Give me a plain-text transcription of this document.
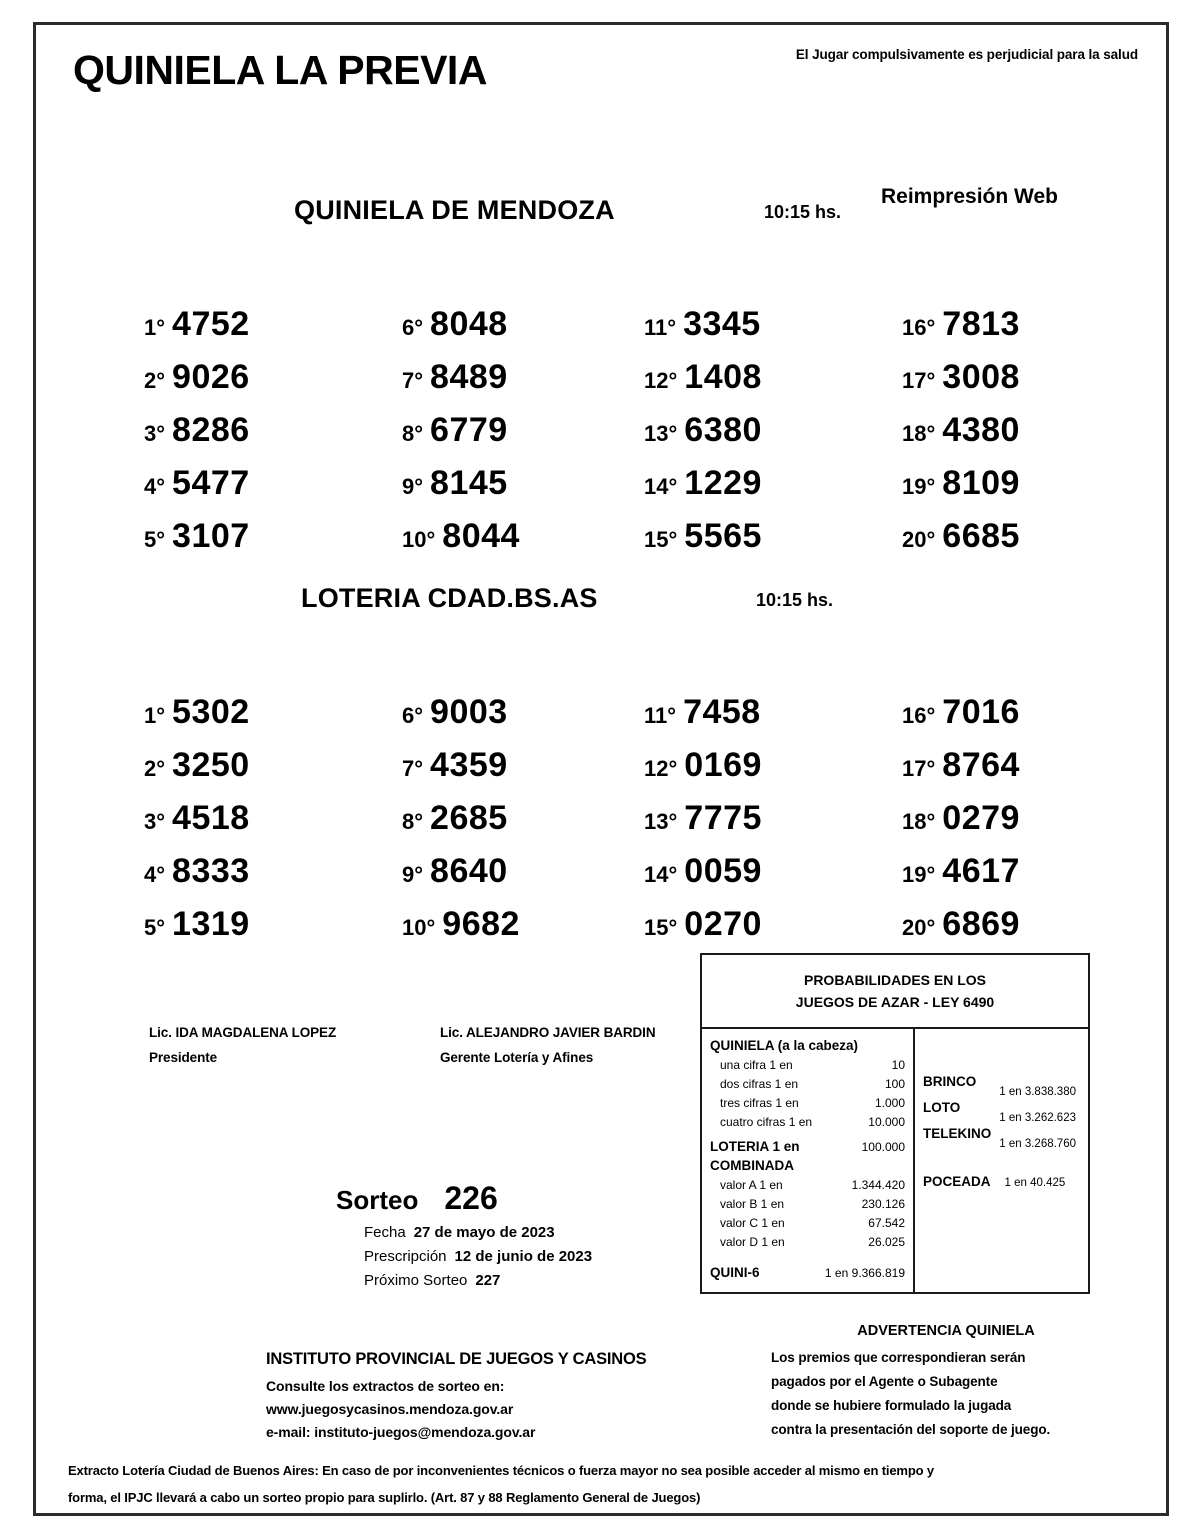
QUINIELA LA PREVIA	El Jugar compulsivamente es perjudicial para la salud
Reimpresión Web
QUINIELA DE MENDOZA	10:15 hs.
1° 4752
2° 9026
3° 8286
4° 5477
5° 3107
6° 8048
7° 8489
8° 6779
9° 8145
10° 8044
11° 3345
12° 1408
13° 6380
14° 1229
15° 5565
16° 7813
17° 3008
18° 4380
19° 8109
20° 6685
LOTERIA CDAD.BS.AS	10:15 hs.
1° 5302
2° 3250
3° 4518
4° 8333
5° 1319
6° 9003
7° 4359
8° 2685
9° 8640
10° 9682
11° 7458
12° 0169
13° 7775
14° 0059
15° 0270
16° 7016
17° 8764
18° 0279
19° 4617
20° 6869
Lic. IDA MAGDALENA LOPEZ
Presidente
Lic. ALEJANDRO JAVIER BARDIN
Gerente Lotería y Afines
Sorteo 226
Fecha 27 de mayo de 2023
Prescripción 12 de junio de 2023
Próximo Sorteo 227
PROBABILIDADES EN LOS
JUEGOS DE AZAR - LEY 6490
QUINIELA (a la cabeza)
una cifra 1 en	10
dos cifras 1 en	100
tres cifras 1 en	1.000
cuatro cifras 1 en	10.000
LOTERIA 1 en	100.000
COMBINADA
valor A 1 en	1.344.420
valor B 1 en	230.126
valor C 1 en	67.542
valor D 1 en	26.025
QUINI-6	1 en 9.366.819
BRINCO
1 en 3.838.380
LOTO
1 en 3.262.623
TELEKINO
1 en 3.268.760
POCEADA 1 en 40.425
INSTITUTO PROVINCIAL DE JUEGOS Y CASINOS
Consulte los extractos de sorteo en:
www.juegosycasinos.mendoza.gov.ar
e-mail: instituto-juegos@mendoza.gov.ar
ADVERTENCIA QUINIELA
Los premios que correspondieran serán
pagados por el Agente o Subagente
donde se hubiere formulado la jugada
contra la presentación del soporte de juego.
Extracto Lotería Ciudad de Buenos Aires: En caso de por inconvenientes técnicos o fuerza mayor no sea posible acceder al mismo en tiempo y
forma, el IPJC llevará a cabo un sorteo propio para suplirlo. (Art. 87 y 88 Reglamento General de Juegos)
